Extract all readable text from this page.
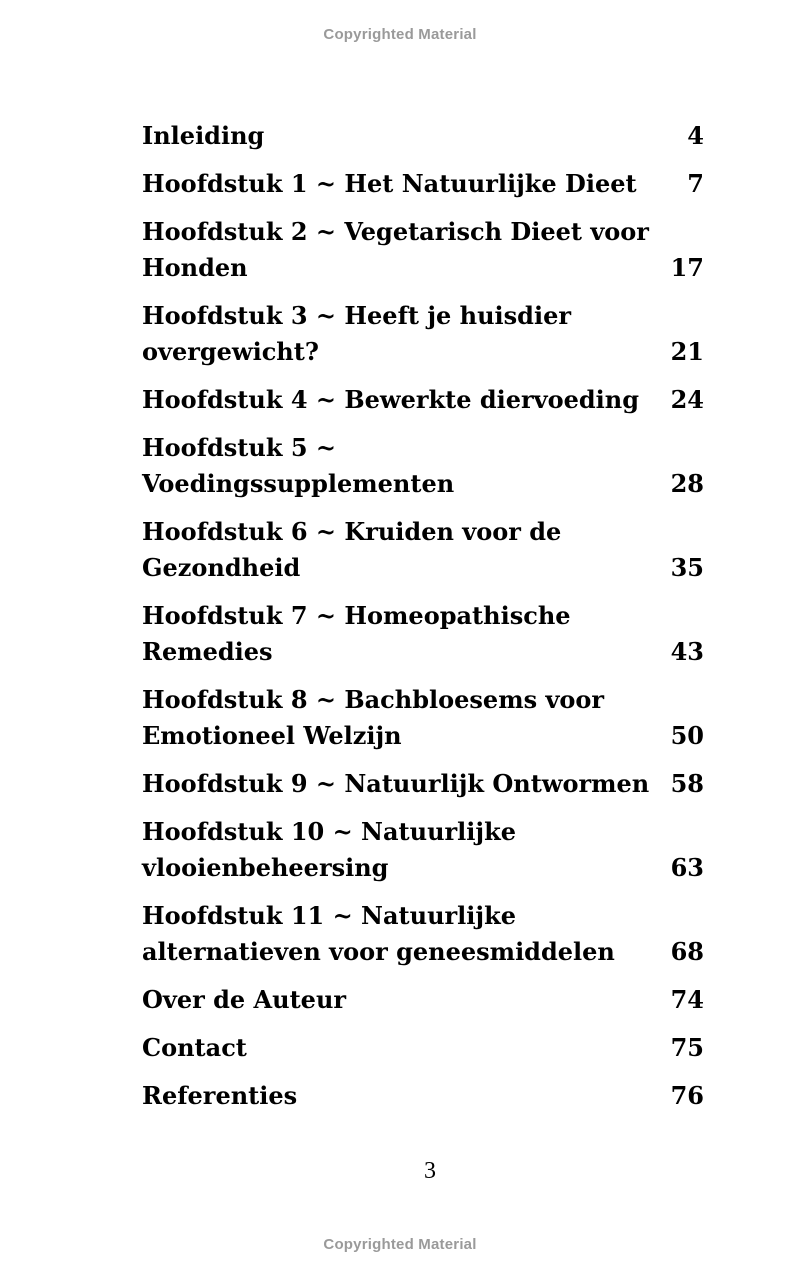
Copyrighted Material
Inleiding	4
Hoofdstuk 1 ~ Het Natuurlijke Dieet	7
Hoofdstuk 2 ~ Vegetarisch Dieet voor Honden	17
Hoofdstuk 3 ~ Heeft je huisdier overgewicht?	21
Hoofdstuk 4 ~ Bewerkte diervoeding	24
Hoofdstuk 5 ~ Voedingssupplementen	28
Hoofdstuk 6 ~ Kruiden voor de Gezondheid	35
Hoofdstuk 7 ~ Homeopathische Remedies	43
Hoofdstuk 8 ~ Bachbloesems voor Emotioneel Welzijn	50
Hoofdstuk 9 ~ Natuurlijk Ontwormen 58
Hoofdstuk 10 ~ Natuurlijke vlooienbeheersing	63
Hoofdstuk 11 ~ Natuurlijke alternatieven voor geneesmiddelen	68
Over de Auteur	74
Contact	75
Referenties	76
3
Copyrighted Material
